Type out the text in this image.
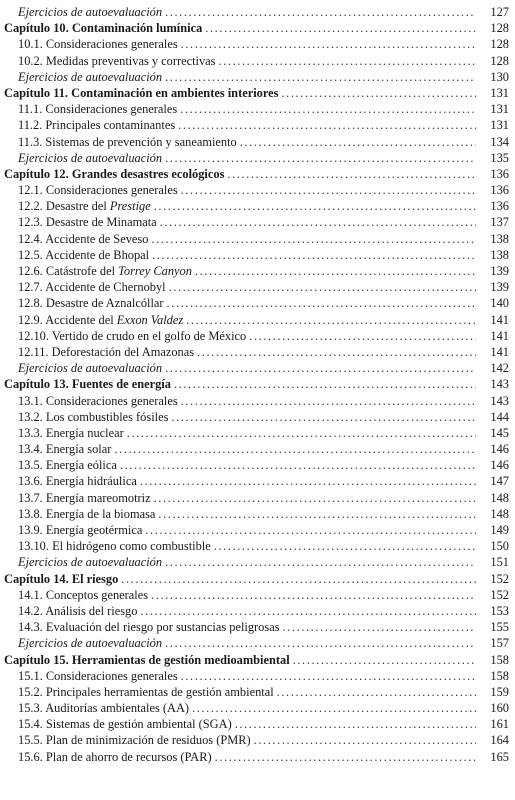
Ejercicios de autoevaluación .....	127
Capítulo 10. Contaminación lumínica .....	128
10.1. Consideraciones generales .....	128
10.2. Medidas preventivas y correctivas .....	128
Ejercicios de autoevaluación .....	130
Capítulo 11. Contaminación en ambientes interiores .....	131
11.1. Consideraciones generales .....	131
11.2. Principales contaminantes .....	131
11.3. Sistemas de prevención y saneamiento .....	134
Ejercicios de autoevaluación .....	135
Capítulo 12. Grandes desastres ecológicos .....	136
12.1. Consideraciones generales .....	136
12.2. Desastre del Prestige .....	136
12.3. Desastre de Minamata .....	137
12.4. Accidente de Seveso .....	138
12.5. Accidente de Bhopal .....	138
12.6. Catástrofe del Torrey Canyon .....	139
12.7. Accidente de Chernobyl .....	139
12.8. Desastre de Aznalcóllar .....	140
12.9. Accidente del Exxon Valdez .....	141
12.10. Vertido de crudo en el golfo de México .....	141
12.11. Deforestación del Amazonas .....	141
Ejercicios de autoevaluación .....	142
Capítulo 13. Fuentes de energía .....	143
13.1. Consideraciones generales .....	143
13.2. Los combustibles fósiles .....	144
13.3. Energía nuclear .....	145
13.4. Energía solar .....	146
13.5. Energía eólica .....	146
13.6. Energía hidráulica .....	147
13.7. Energía mareomotriz .....	148
13.8. Energía de la biomasa .....	148
13.9. Energía geotérmica .....	149
13.10. El hidrógeno como combustible .....	150
Ejercicios de autoevaluación .....	151
Capítulo 14. El riesgo .....	152
14.1. Conceptos generales .....	152
14.2. Análisis del riesgo .....	153
14.3. Evaluación del riesgo por sustancias peligrosas .....	155
Ejercicios de autoevaluación .....	157
Capítulo 15. Herramientas de gestión medioambiental .....	158
15.1. Consideraciones generales .....	158
15.2. Principales herramientas de gestión ambiental .....	159
15.3. Auditorías ambientales (AA) .....	160
15.4. Sistemas de gestión ambiental (SGA) .....	161
15.5. Plan de minimización de residuos (PMR) .....	164
15.6. Plan de ahorro de recursos (PAR) .....	165
